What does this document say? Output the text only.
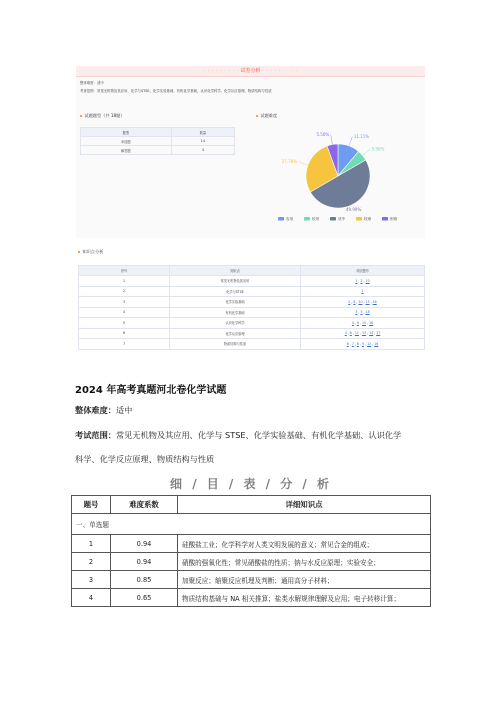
· · · · · · · · · 试卷分析 · · · · · · · · ·
整体难度：适中
考查范围：常见无机物及其应用、化学与STSE、化学实验基础、有机化学基础、认识化学科学、化学反应原理、物质结构与性质
试题题型（共 18题）
题型	数量
单选题	14
解答题	4
试题难度
11.11%
5.56%
27.78%
5.56%
49.99%
容易	较易	适中	较难	困难
知识点分析
序号	知识点	对应题号
1	常见无机物及其应用	1 , 2 , 10
2	化学与STSE	1
3	化学实验基础	2 , 6 , 10 , 15 , 16
4	有机化学基础	3 , 5 , 18
5	认识化学科学	4 , 9 , 15 , 16
6	化学反应原理	4 , 6 , 11 , 13 , 14 , 17
7	物质结构与性质	6 , 7 , 8 , 9 , 12 , 16
2024 年高考真题河北卷化学试题
整体难度：适中
考试范围：常见无机物及其应用、化学与 STSE、化学实验基础、有机化学基础、认识化学
科学、化学反应原理、物质结构与性质
细 / 目 / 表 / 分 / 析
题号	难度系数	详细知识点
一、单选题		
1	0.94	硅酸盐工业；化学科学对人类文明发展的意义；常见合金的组成；
2	0.94	硝酸的强氧化性；常见硝酸盐的性质；钠与水反应原理；实验安全；
3	0.85	加聚反应；缩聚反应机理及判断；通用高分子材料；
4	0.65	物质结构基础与 NA 相关推算；盐类水解规律理解及应用；电子转移计算；
